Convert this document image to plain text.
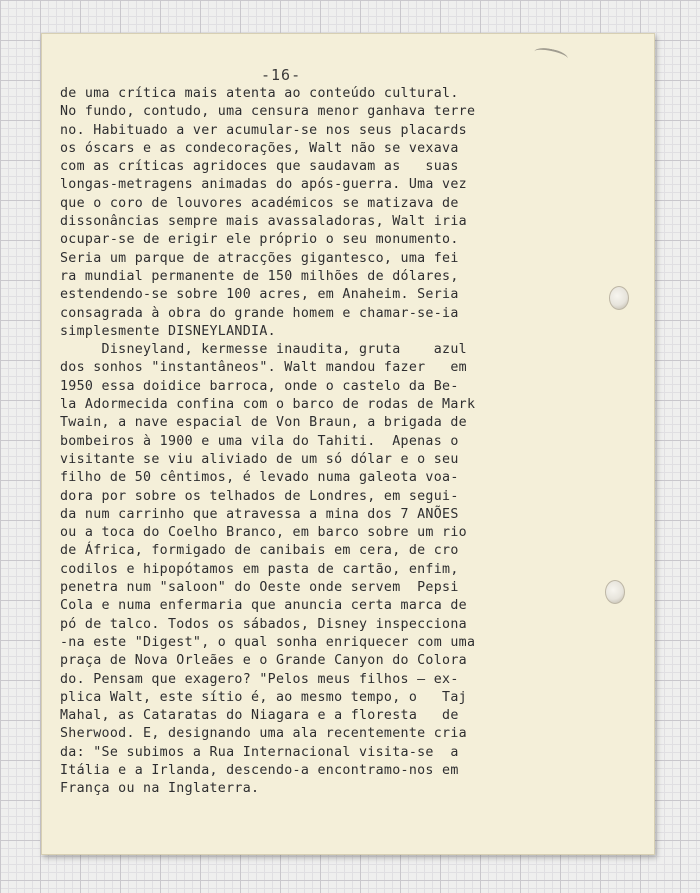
-16-
de uma crítica mais atenta ao conteúdo cultural.
No fundo, contudo, uma censura menor ganhava terre
no. Habituado a ver acumular-se nos seus placards
os óscars e as condecorações, Walt não se vexava
com as críticas agridoces que saudavam as   suas
longas-metragens animadas do após-guerra. Uma vez
que o coro de louvores académicos se matizava de
dissonâncias sempre mais avassaladoras, Walt iria
ocupar-se de erigir ele próprio o seu monumento.
Seria um parque de atracções gigantesco, uma fei
ra mundial permanente de 150 milhões de dólares,
estendendo-se sobre 100 acres, em Anaheim. Seria
consagrada à obra do grande homem e chamar-se-ia
simplesmente DISNEYLANDIA.
Disneyland, kermesse inaudita, gruta    azul
dos sonhos "instantâneos". Walt mandou fazer   em
1950 essa doidice barroca, onde o castelo da Be-
la Adormecida confina com o barco de rodas de Mark
Twain, a nave espacial de Von Braun, a brigada de
bombeiros à 1900 e uma vila do Tahiti.  Apenas o
visitante se viu aliviado de um só dólar e o seu
filho de 50 cêntimos, é levado numa galeota voa-
dora por sobre os telhados de Londres, em segui-
da num carrinho que atravessa a mina dos 7 ANÕES
ou a toca do Coelho Branco, em barco sobre um rio
de África, formigado de canibais em cera, de cro
codilos e hipopótamos em pasta de cartão, enfim,
penetra num "saloon" do Oeste onde servem  Pepsi
Cola e numa enfermaria que anuncia certa marca de
pó de talco. Todos os sábados, Disney inspecciona
-na este "Digest", o qual sonha enriquecer com uma
praça de Nova Orleães e o Grande Canyon do Colora
do. Pensam que exagero? "Pelos meus filhos — ex-
plica Walt, este sítio é, ao mesmo tempo, o   Taj
Mahal, as Cataratas do Niagara e a floresta   de
Sherwood. E, designando uma ala recentemente cria
da: "Se subimos a Rua Internacional visita-se  a
Itália e a Irlanda, descendo-a encontramo-nos em
França ou na Inglaterra.
